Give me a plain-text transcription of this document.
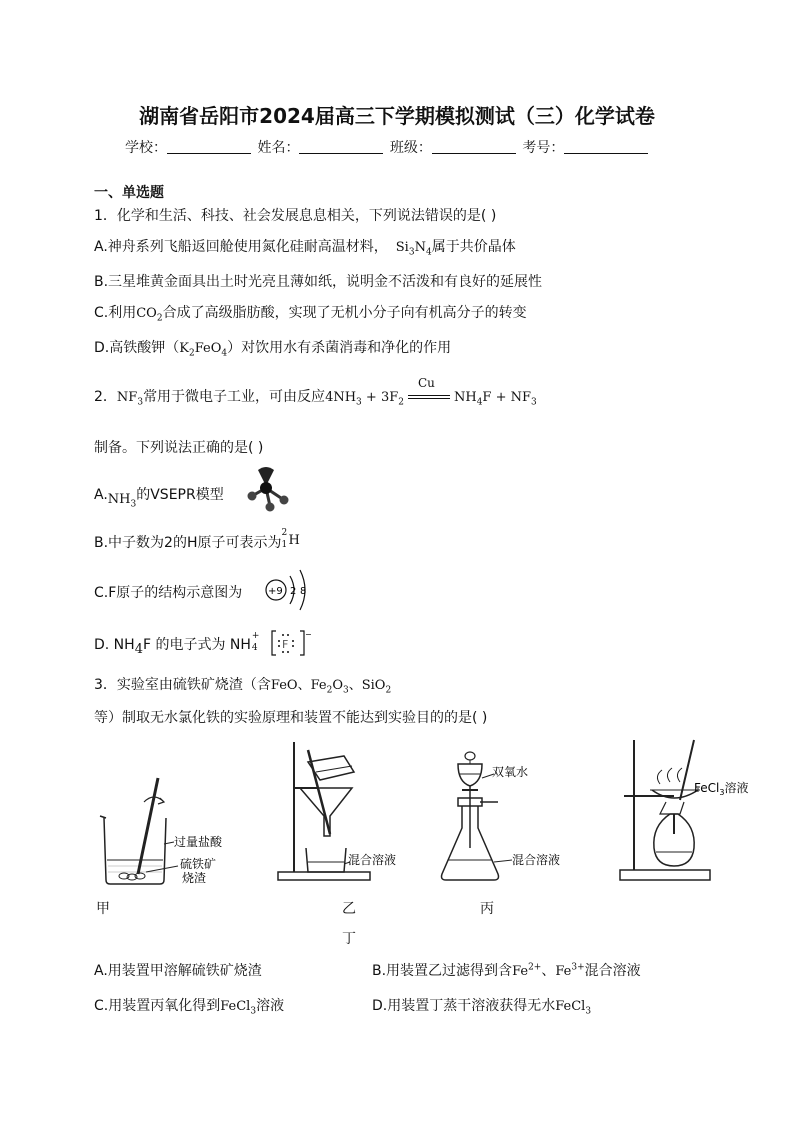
湖南省岳阳市2024届高三下学期模拟测试（三）化学试卷
学校：	姓名：	班级：	考号：
一、单选题
1．化学和生活、科技、社会发展息息相关，下列说法错误的是( )
A.神舟系列飞船返回舱使用氮化硅耐高温材料， $Si_3N_4$属于共价晶体
B.三星堆黄金面具出土时光亮且薄如纸，说明金不活泼和有良好的延展性
C.利用$CO_2$合成了高级脂肪酸，实现了无机小分子向有机高分子的转变
D.高铁酸钾$(K_2FeO_4)$对饮用水有杀菌消毒和净化的作用
2．$NF_3$常用于微电子工业，可由反应$4NH_3 + 3F_2$
Cu
$NH_4F + NF_3$
制备。下列说法正确的是( )
$A.NH_3$的VSEPR模型
B.中子数为2的H原子可表示为
2
1 H
C.F原子的结构示意图为	+9 2 8
D. $NH_4F$ 的电子式为 NH
+
4 F
−
3．实验室由硫铁矿烧渣（含FeO、$Fe_2O_3$、SiO$_2$
等）制取无水氯化铁的实验原理和装置不能达到实验目的的是( )
过量盐酸
硫铁矿
烧渣
混合溶液
双氧水
混合溶液
FeCl$_3$溶液
甲	乙	丙
丁
A.用装置甲溶解硫铁矿烧渣	B.用装置乙过滤得到含$Fe^{2+}$、$Fe^{3+}$混合溶液
C.用装置丙氧化得到FeCl$_3$溶液	D.用装置丁蒸干溶液获得无水FeCl$_3$
